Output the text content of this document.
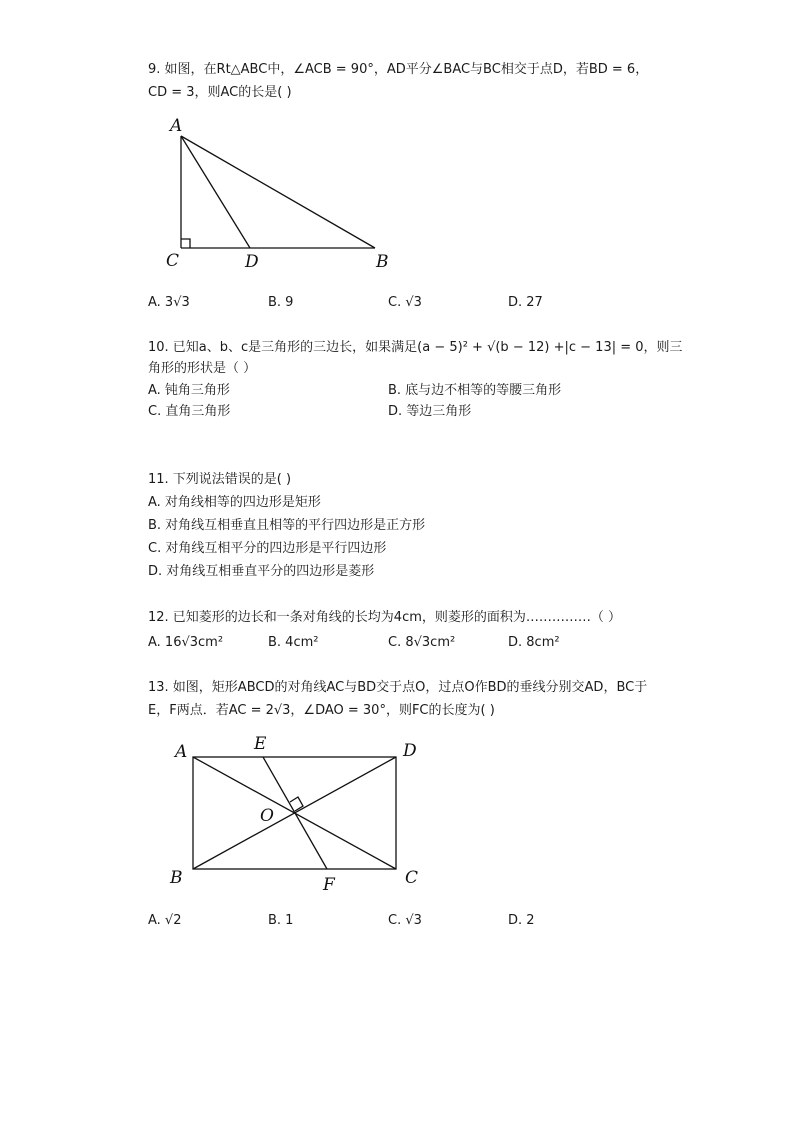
9. 如图，在Rt△ABC中，∠ACB = 90°，AD平分∠BAC与BC相交于点D，若BD = 6，
CD = 3，则AC的长是( )
A
C	D	B
A. 3√3	B. 9	C. √3	D. 27
10. 已知a、b、c是三角形的三边长，如果满足(a − 5)² + √(b − 12) +|c − 13| = 0，则三
角形的形状是（ ）
A. 钝角三角形	B. 底与边不相等的等腰三角形
C. 直角三角形	D. 等边三角形
11. 下列说法错误的是( )
A. 对角线相等的四边形是矩形
B. 对角线互相垂直且相等的平行四边形是正方形
C. 对角线互相平分的四边形是平行四边形
D. 对角线互相垂直平分的四边形是菱形
12. 已知菱形的边长和一条对角线的长均为4cm，则菱形的面积为……………（ ）
A. 16√3cm²	B. 4cm²	C. 8√3cm²	D. 8cm²
13. 如图，矩形ABCD的对角线AC与BD交于点O，过点O作BD的垂线分别交AD，BC于
E，F两点．若AC = 2√3，∠DAO = 30°，则FC的长度为( )
A	E	D
O
B	F	C
A. √2	B. 1	C. √3	D. 2
